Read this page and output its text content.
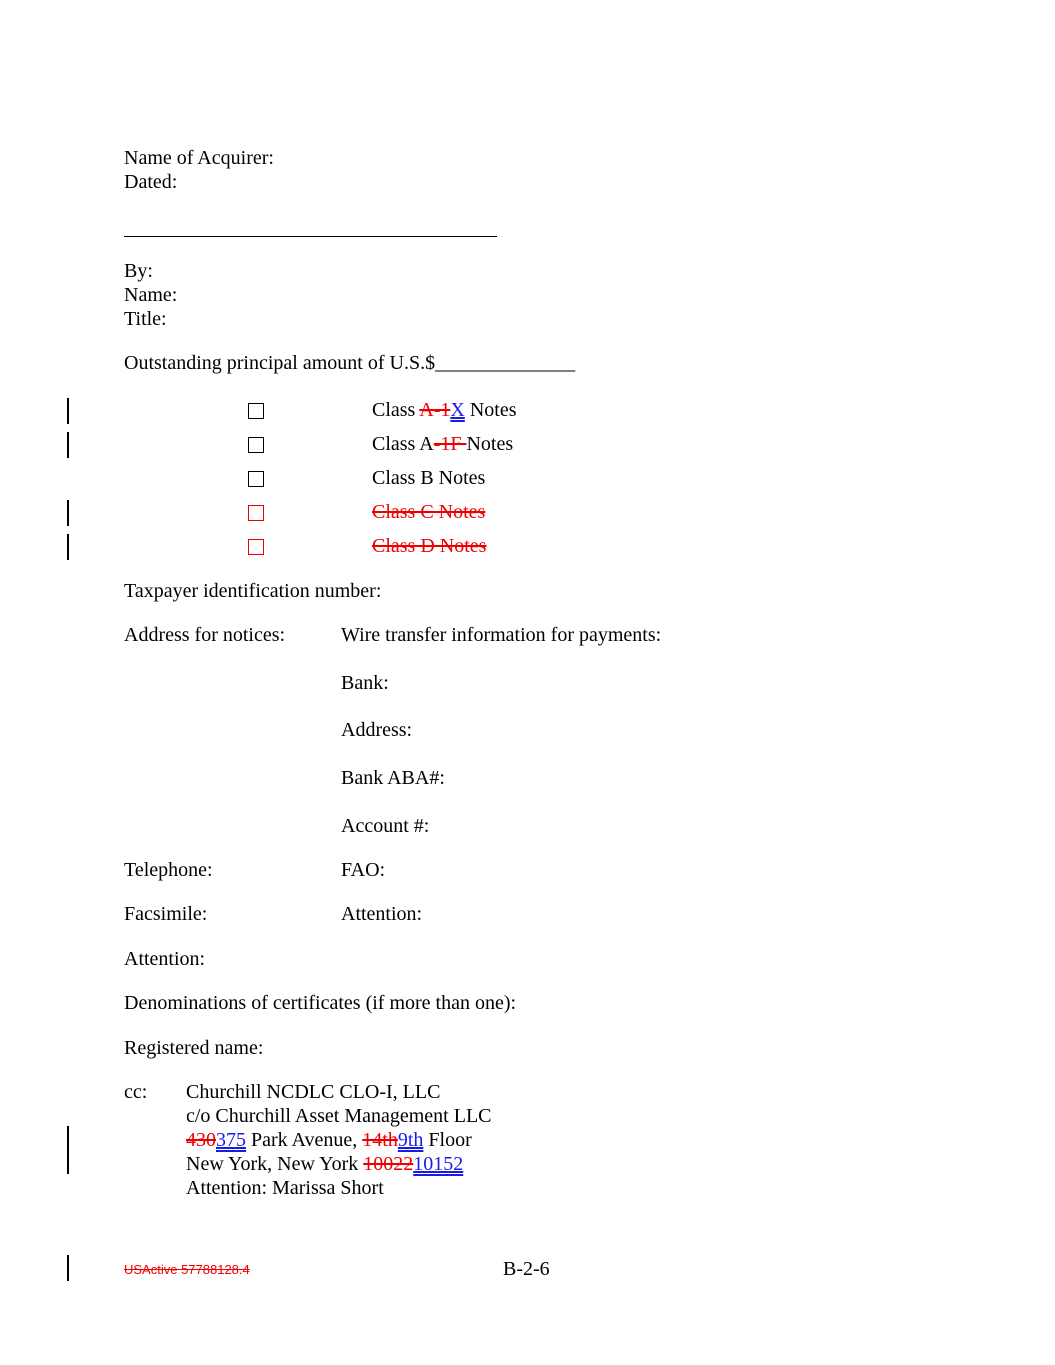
Name of Acquirer:
Dated:
By:
Name:
Title:
Outstanding principal amount of U.S.$______________
Class A-1X Notes
Class A-1F Notes
Class B Notes
Class C Notes
Class D Notes
Taxpayer identification number:
Address for notices:	Wire transfer information for payments:
Bank:
Address:
Bank ABA#:
Account #:
Telephone:	FAO:
Facsimile:	Attention:
Attention:
Denominations of certificates (if more than one):
Registered name:
cc: Churchill NCDLC CLO-I, LLC
c/o Churchill Asset Management LLC
430375 Park Avenue, 14th9th Floor
New York, New York 1002210152
Attention: Marissa Short
USActive 57788128.4	B-2-6
